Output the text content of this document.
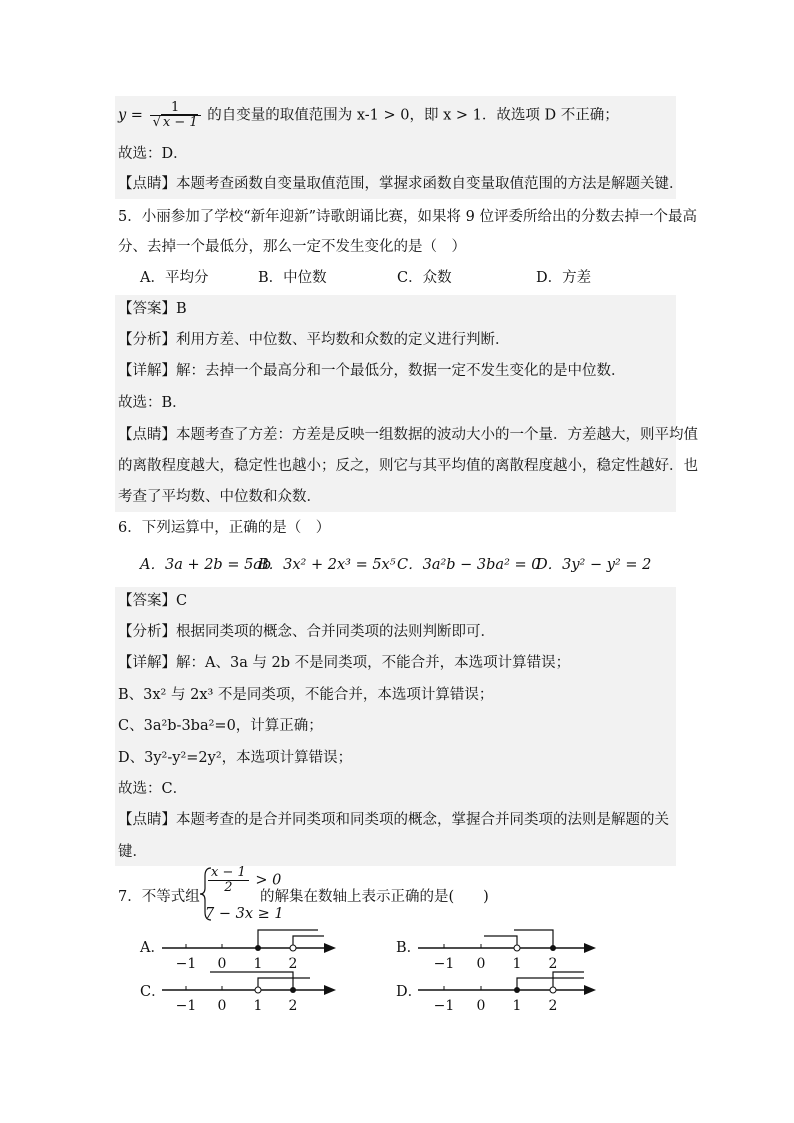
$y = \frac{1}{√ x - 1}$ 的自变量的取值范围为 x-1 > 0，即 x > 1．故选项 D 不正确；
故选：D．
【点睛】本题考查函数自变量取值范围，掌握求函数自变量取值范围的方法是解题关键．
5．小丽参加了学校“新年迎新”诗歌朗诵比赛，如果将 9 位评委所给出的分数去掉一个最高
分、去掉一个最低分，那么一定不发生变化的是（　）
A．平均分	B．中位数	C．众数	D．方差
【答案】B
【分析】利用方差、中位数、平均数和众数的定义进行判断．
【详解】解：去掉一个最高分和一个最低分，数据一定不发生变化的是中位数．
故选：B．
【点睛】本题考查了方差：方差是反映一组数据的波动大小的一个量．方差越大，则平均值
的离散程度越大，稳定性也越小；反之，则它与其平均值的离散程度越小，稳定性越好．也
考查了平均数、中位数和众数．
6．下列运算中，正确的是（　）
A．3a + 2b = 5ab
B．3x² + 2x³ = 5x⁵ C．3a²b − 3ba² = 0
D．3y² − y² = 2
【答案】C
【分析】根据同类项的概念、合并同类项的法则判断即可．
【详解】解：A、3a 与 2b 不是同类项，不能合并，本选项计算错误；
B、3x² 与 2x³ 不是同类项，不能合并，本选项计算错误；
C、3a²b-3ba²=0，计算正确；
D、3y²-y²=2y²，本选项计算错误；
故选：C．
【点睛】本题考查的是合并同类项和同类项的概念，掌握合并同类项的法则是解题的关
键．
7．不等式组
$\frac{x - 1}{2} > 0$
7 − 3x ≥ 1
的解集在数轴上表示正确的是(　　)
A．	B．
C．	D．
−1 0 1 2	−1 0 1 2
−1 0 1 2	−1 0 1 2
